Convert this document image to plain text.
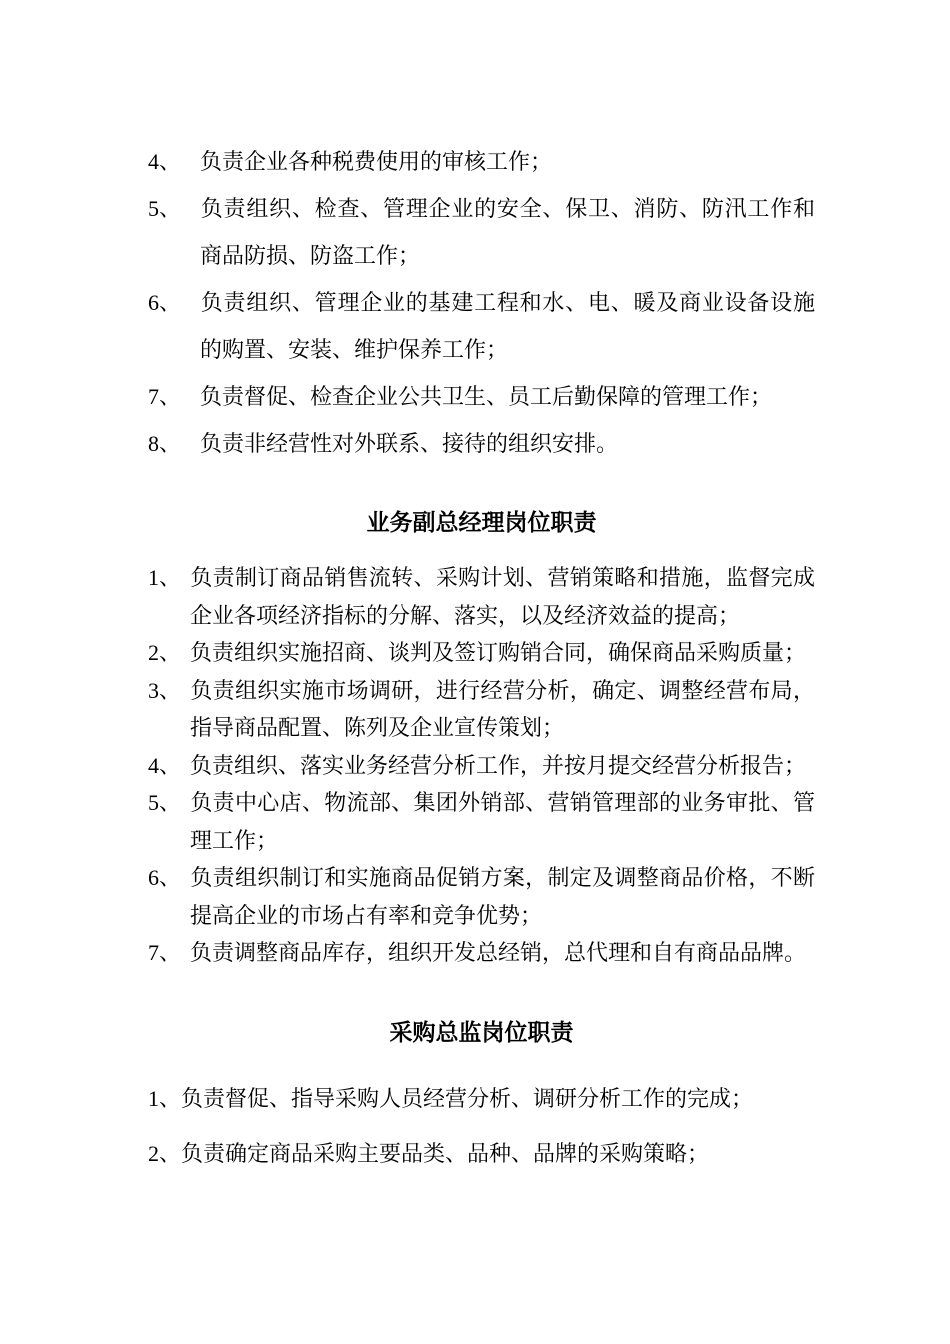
4、 负责企业各种税费使用的审核工作；

5、 负责组织、检查、管理企业的安全、保卫、消防、防汛工作和商品防损、防盗工作；

6、 负责组织、管理企业的基建工程和水、电、暖及商业设备设施的购置、安装、维护保养工作；

7、 负责督促、检查企业公共卫生、员工后勤保障的管理工作；

8、 负责非经营性对外联系、接待的组织安排。

业务副总经理岗位职责

1、 负责制订商品销售流转、采购计划、营销策略和措施，监督完成企业各项经济指标的分解、落实，以及经济效益的提高；

2、 负责组织实施招商、谈判及签订购销合同，确保商品采购质量；

3、 负责组织实施市场调研，进行经营分析，确定、调整经营布局，指导商品配置、陈列及企业宣传策划；

4、 负责组织、落实业务经营分析工作，并按月提交经营分析报告；

5、 负责中心店、物流部、集团外销部、营销管理部的业务审批、管理工作；

6、 负责组织制订和实施商品促销方案，制定及调整商品价格，不断提高企业的市场占有率和竞争优势；

7、 负责调整商品库存，组织开发总经销，总代理和自有商品品牌。

采购总监岗位职责

1、负责督促、指导采购人员经营分析、调研分析工作的完成；

2、负责确定商品采购主要品类、品种、品牌的采购策略；
